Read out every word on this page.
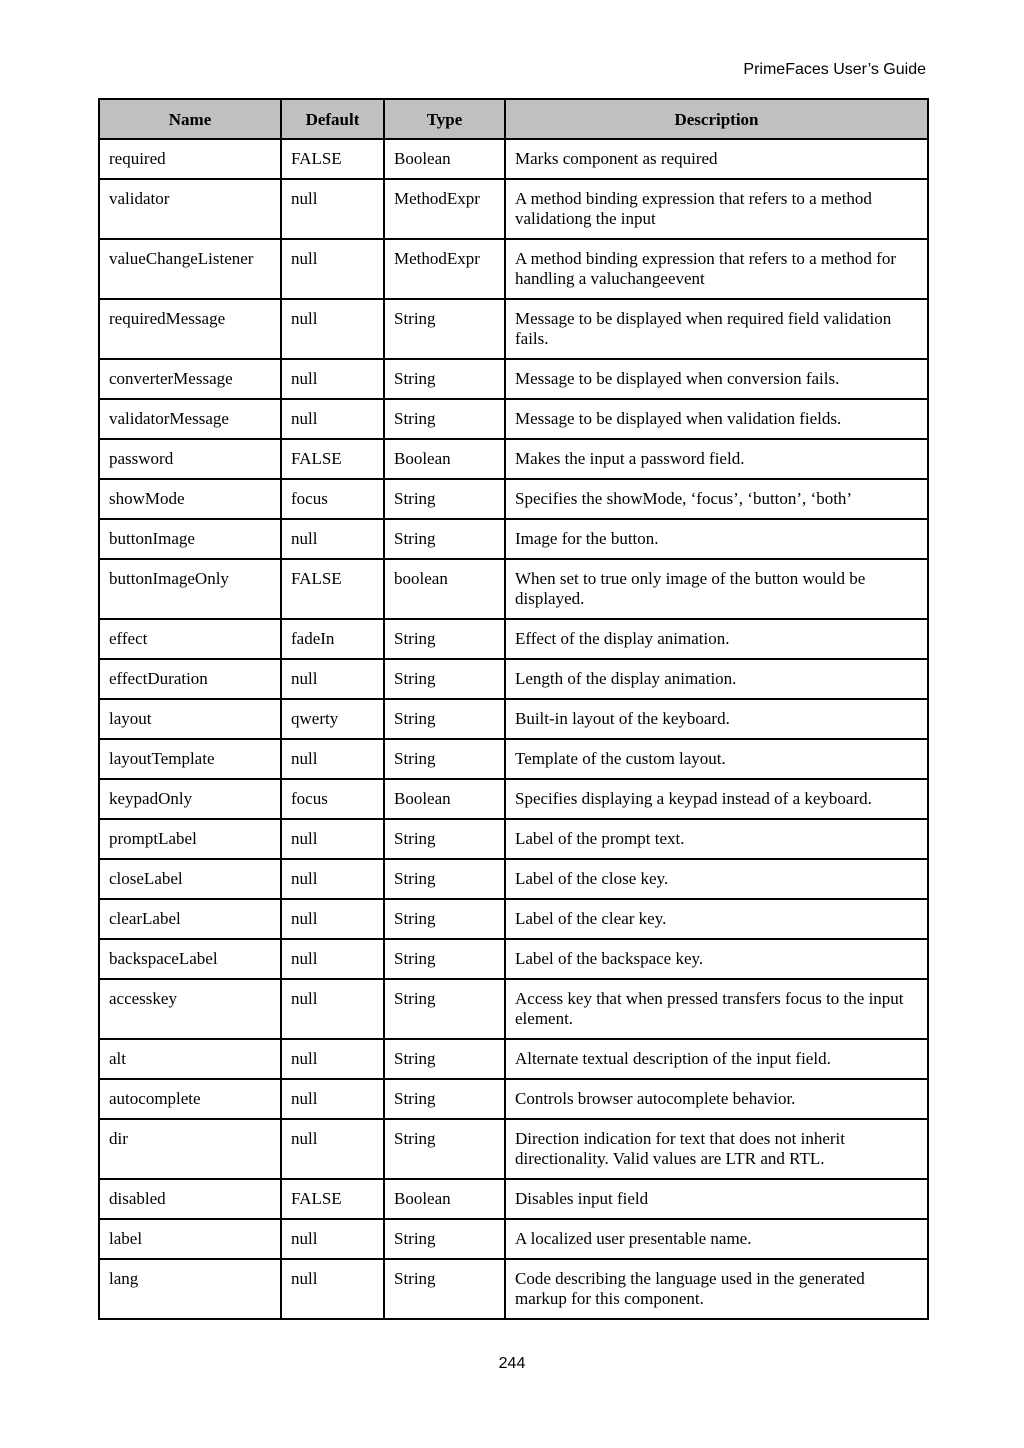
PrimeFaces User’s Guide
Name	Default	Type	Description
required	FALSE	Boolean	Marks component as required
validator	null	MethodExpr	A method binding expression that refers to a method validationg the input
valueChangeListener	null	MethodExpr	A method binding expression that refers to a method for handling a valuchangeevent
requiredMessage	null	String	Message to be displayed when required field validation fails.
converterMessage	null	String	Message to be displayed when conversion fails.
validatorMessage	null	String	Message to be displayed when validation fields.
password	FALSE	Boolean	Makes the input a password field.
showMode	focus	String	Specifies the showMode, ‘focus’, ‘button’, ‘both’
buttonImage	null	String	Image for the button.
buttonImageOnly	FALSE	boolean	When set to true only image of the button would be displayed.
effect	fadeIn	String	Effect of the display animation.
effectDuration	null	String	Length of the display animation.
layout	qwerty	String	Built-in layout of the keyboard.
layoutTemplate	null	String	Template of the custom layout.
keypadOnly	focus	Boolean	Specifies displaying a keypad instead of a keyboard.
promptLabel	null	String	Label of the prompt text.
closeLabel	null	String	Label of the close key.
clearLabel	null	String	Label of the clear key.
backspaceLabel	null	String	Label of the backspace key.
accesskey	null	String	Access key that when pressed transfers focus to the input element.
alt	null	String	Alternate textual description of the input field.
autocomplete	null	String	Controls browser autocomplete behavior.
dir	null	String	Direction indication for text that does not inherit directionality. Valid values are LTR and RTL.
disabled	FALSE	Boolean	Disables input field
label	null	String	A localized user presentable name.
lang	null	String	Code describing the language used in the generated markup for this component.
244
